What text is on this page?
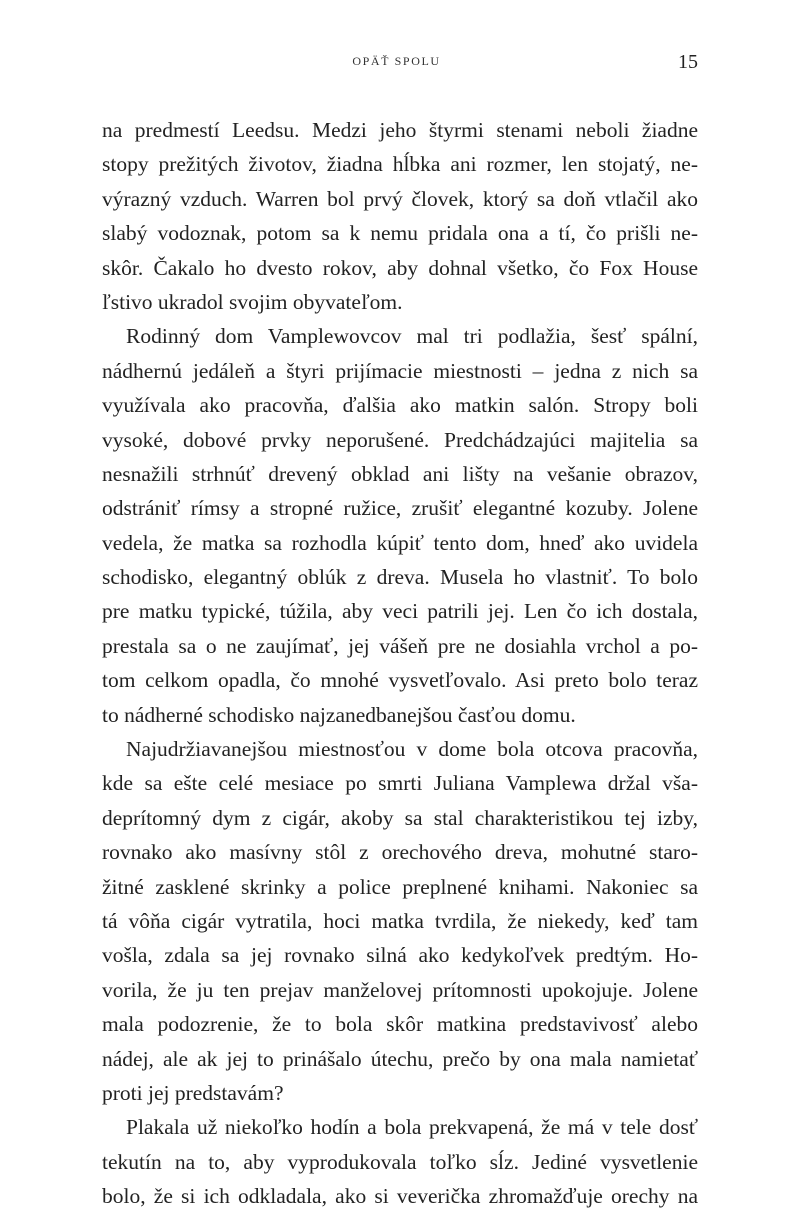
OPÄŤ SPOLU	15
na predmestí Leedsu. Medzi jeho štyrmi stenami neboli žiadne
stopy prežitých životov, žiadna hĺbka ani rozmer, len stojatý, ne-
výrazný vzduch. Warren bol prvý človek, ktorý sa doň vtlačil ako
slabý vodoznak, potom sa k nemu pridala ona a tí, čo prišli ne-
skôr. Čakalo ho dvesto rokov, aby dohnal všetko, čo Fox House
ľstivo ukradol svojim obyvateľom.
Rodinný dom Vamplewovcov mal tri podlažia, šesť spální,
nádhernú jedáleň a štyri prijímacie miestnosti – jedna z nich sa
využívala ako pracovňa, ďalšia ako matkin salón. Stropy boli
vysoké, dobové prvky neporušené. Predchádzajúci majitelia sa
nesnažili strhnúť drevený obklad ani lišty na vešanie obrazov,
odstrániť rímsy a stropné ružice, zrušiť elegantné kozuby. Jolene
vedela, že matka sa rozhodla kúpiť tento dom, hneď ako uvidela
schodisko, elegantný oblúk z dreva. Musela ho vlastniť. To bolo
pre matku typické, túžila, aby veci patrili jej. Len čo ich dostala,
prestala sa o ne zaujímať, jej vášeň pre ne dosiahla vrchol a po-
tom celkom opadla, čo mnohé vysvetľovalo. Asi preto bolo teraz
to nádherné schodisko najzanedbanejšou časťou domu.
Najudržiavanejšou miestnosťou v dome bola otcova pracovňa,
kde sa ešte celé mesiace po smrti Juliana Vamplewa držal vša-
deprítomný dym z cigár, akoby sa stal charakteristikou tej izby,
rovnako ako masívny stôl z orechového dreva, mohutné staro-
žitné zasklené skrinky a police preplnené knihami. Nakoniec sa
tá vôňa cigár vytratila, hoci matka tvrdila, že niekedy, keď tam
vošla, zdala sa jej rovnako silná ako kedykoľvek predtým. Ho-
vorila, že ju ten prejav manželovej prítomnosti upokojuje. Jolene
mala podozrenie, že to bola skôr matkina predstavivosť alebo
nádej, ale ak jej to prinášalo útechu, prečo by ona mala namietať
proti jej predstavám?
Plakala už niekoľko hodín a bola prekvapená, že má v tele dosť
tekutín na to, aby vyprodukovala toľko sĺz. Jediné vysvetlenie
bolo, že si ich odkladala, ako si veverička zhromažďuje orechy na
